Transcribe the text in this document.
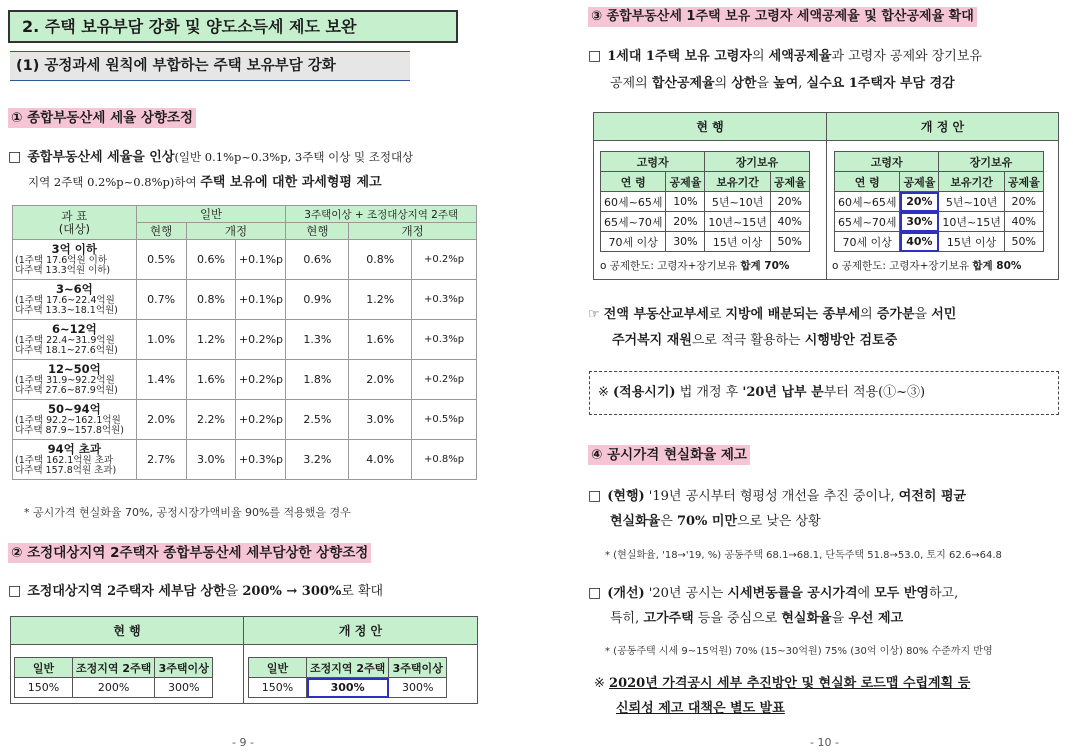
2. 주택 보유부담 강화 및 양도소득세 제도 보완
(1) 공정과세 원칙에 부합하는 주택 보유부담 강화
① 종합부동산세 세율 상향조정
□ 종합부동산세 세율을 인상(일반 0.1%p~0.3%p, 3주택 이상 및 조정대상
지역 2주택 0.2%p~0.8%p)하여 주택 보유에 대한 과세형평 제고
과 표
(대상)	일반			3주택이상 + 조정대상지역 2주택		
	현행	개정		현행	개정	

3억 이하
(1주택 17.6억원 이하
다주택 13.3억원 이하)	0.5%	0.6%	+0.1%p	0.6%	0.8%	+0.2%p

3~6억
(1주택 17.6~22.4억원
다주택 13.3~18.1억원)	0.7%	0.8%	+0.1%p	0.9%	1.2%	+0.3%p

6~12억
(1주택 22.4~31.9억원
다주택 18.1~27.6억원)	1.0%	1.2%	+0.2%p	1.3%	1.6%	+0.3%p

12~50억
(1주택 31.9~92.2억원
다주택 27.6~87.9억원)	1.4%	1.6%	+0.2%p	1.8%	2.0%	+0.2%p

50~94억
(1주택 92.2~162.1억원
다주택 87.9~157.8억원)	2.0%	2.2%	+0.2%p	2.5%	3.0%	+0.5%p

94억 초과
(1주택 162.1억원 초과
다주택 157.8억원 초과)	2.7%	3.0%	+0.3%p	3.2%	4.0%	+0.8%p
* 공시가격 현실화율 70%, 공정시장가액비율 90%를 적용했을 경우
② 조정대상지역 2주택자 종합부동산세 세부담상한 상향조정
□ 조정대상지역 2주택자 세부담 상한을 200% → 300%로 확대
현 행	개 정 안
일반	조정지역 2주택	3주택이상
150%	200%	300%
일반	조정지역 2주택	3주택이상
150%	300%	300%
- 9 -
③ 종합부동산세 1주택 보유 고령자 세액공제율 및 합산공제율 확대
□ 1세대 1주택 보유 고령자의 세액공제율과 고령자 공제와 장기보유
공제의 합산공제율의 상한을 높여, 실수요 1주택자 부담 경감
현 행	개 정 안
고령자		장기보유	
연 령	공제율	보유기간	공제율
60세~65세	10%	5년~10년	20%
65세~70세	20%	10년~15년	40%
70세 이상	30%	15년 이상	50%
o 공제한도: 고령자+장기보유 합계 70%
고령자		장기보유	
연 령	공제율	보유기간	공제율
60세~65세	20%	5년~10년	20%
65세~70세	30%	10년~15년	40%
70세 이상	40%	15년 이상	50%
o 공제한도: 고령자+장기보유 합계 80%
☞ 전액 부동산교부세로 지방에 배분되는 종부세의 증가분을 서민
주거복지 재원으로 적극 활용하는 시행방안 검토중
※ (적용시기) 법 개정 후 '20년 납부 분부터 적용(①~③)
④ 공시가격 현실화율 제고
□ (현행) '19년 공시부터 형평성 개선을 추진 중이나, 여전히 평균
현실화율은 70% 미만으로 낮은 상황
* (현실화율, '18→'19, %) 공동주택 68.1→68.1, 단독주택 51.8→53.0, 토지 62.6→64.8
□ (개선) '20년 공시는 시세변동률을 공시가격에 모두 반영하고,
특히, 고가주택 등을 중심으로 현실화율을 우선 제고
* (공동주택 시세 9~15억원) 70% (15~30억원) 75% (30억 이상) 80% 수준까지 반영
※ 2020년 가격공시 세부 추진방안 및 현실화 로드맵 수립계획 등
신뢰성 제고 대책은 별도 발표
- 10 -
